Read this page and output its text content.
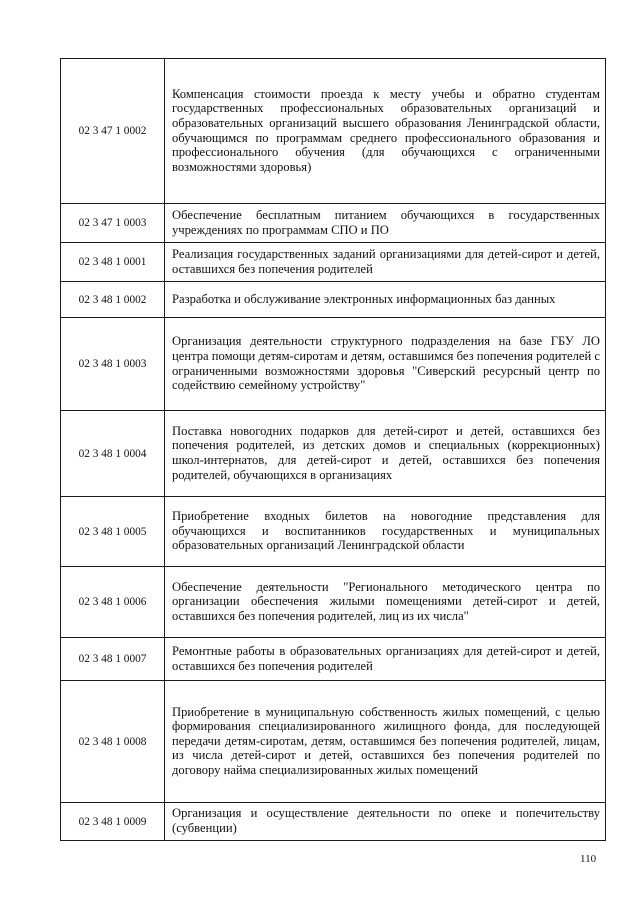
02 3 47 1 0002	Компенсация стоимости проезда к месту учебы и обратно студентам государственных профессиональных образовательных организаций и образовательных организаций высшего образования Ленинградской области, обучающимся по программам среднего профессионального образования и профессионального обучения (для обучающихся с ограниченными возможностями здоровья)
02 3 47 1 0003	Обеспечение бесплатным питанием обучающихся в государственных учреждениях по программам СПО и ПО
02 3 48 1 0001	Реализация государственных заданий организациями для детей-сирот и детей, оставшихся без попечения родителей
02 3 48 1 0002	Разработка и обслуживание электронных информационных баз данных
02 3 48 1 0003	Организация деятельности структурного подразделения на базе ГБУ ЛО центра помощи детям-сиротам и детям, оставшимся без попечения родителей с ограниченными возможностями здоровья "Сиверский ресурсный центр по содействию семейному устройству"
02 3 48 1 0004	Поставка новогодних подарков для детей-сирот и детей, оставшихся без попечения родителей, из детских домов и специальных (коррекционных) школ-интернатов, для детей-сирот и детей, оставшихся без попечения родителей, обучающихся в организациях
02 3 48 1 0005	Приобретение входных билетов на новогодние представления для обучающихся и воспитанников государственных и муниципальных образовательных организаций Ленинградской области
02 3 48 1 0006	Обеспечение деятельности "Регионального методического центра по организации обеспечения жилыми помещениями детей-сирот и детей, оставшихся без попечения родителей, лиц из их числа"
02 3 48 1 0007	Ремонтные работы в образовательных организациях для детей-сирот и детей, оставшихся без попечения родителей
02 3 48 1 0008	Приобретение в муниципальную собственность жилых помещений, с целью формирования специализированного жилищного фонда, для последующей передачи детям-сиротам, детям, оставшимся без попечения родителей, лицам, из числа детей-сирот и детей, оставшихся без попечения родителей по договору найма специализированных жилых помещений
02 3 48 1 0009	Организация и осуществление деятельности по опеке и попечительству (субвенции)
110
